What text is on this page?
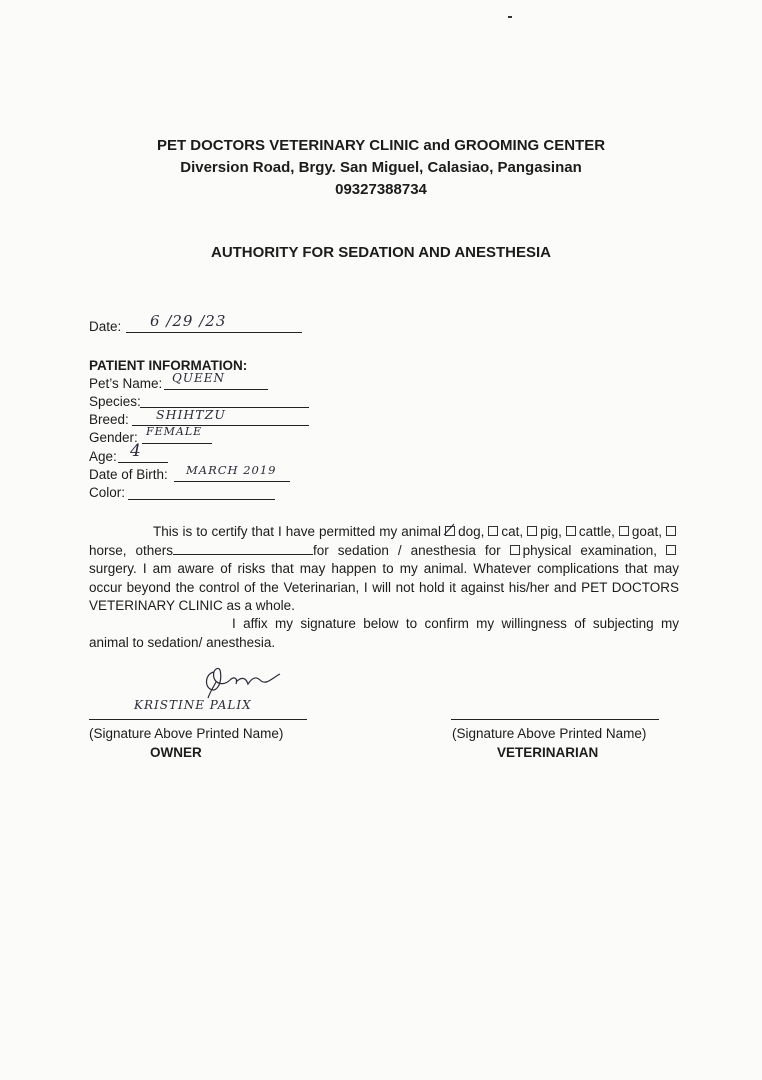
PET DOCTORS VETERINARY CLINIC and GROOMING CENTER
Diversion Road, Brgy. San Miguel, Calasiao, Pangasinan
09327388734
AUTHORITY FOR SEDATION AND ANESTHESIA
Date: 6 /29 /23
PATIENT INFORMATION:
Pet’s Name: QUEEN
Species:
Breed: SHIHTZU
Gender: FEMALE
Age: 4
Date of Birth: MARCH 2019
Color:
This is to certify that I have permitted my animal dog, cat, pig, cattle, goat, horse, others	for sedation / anesthesia for physical examination, surgery. I am aware of risks that may happen to my animal. Whatever complications that may occur beyond the control of the Veterinarian, I will not hold it against his/her and PET DOCTORS VETERINARY CLINIC as a whole.
I affix my signature below to confirm my willingness of subjecting my animal to sedation/ anesthesia.
KRISTINE PALIX
(Signature Above Printed Name)
OWNER
(Signature Above Printed Name)
VETERINARIAN
